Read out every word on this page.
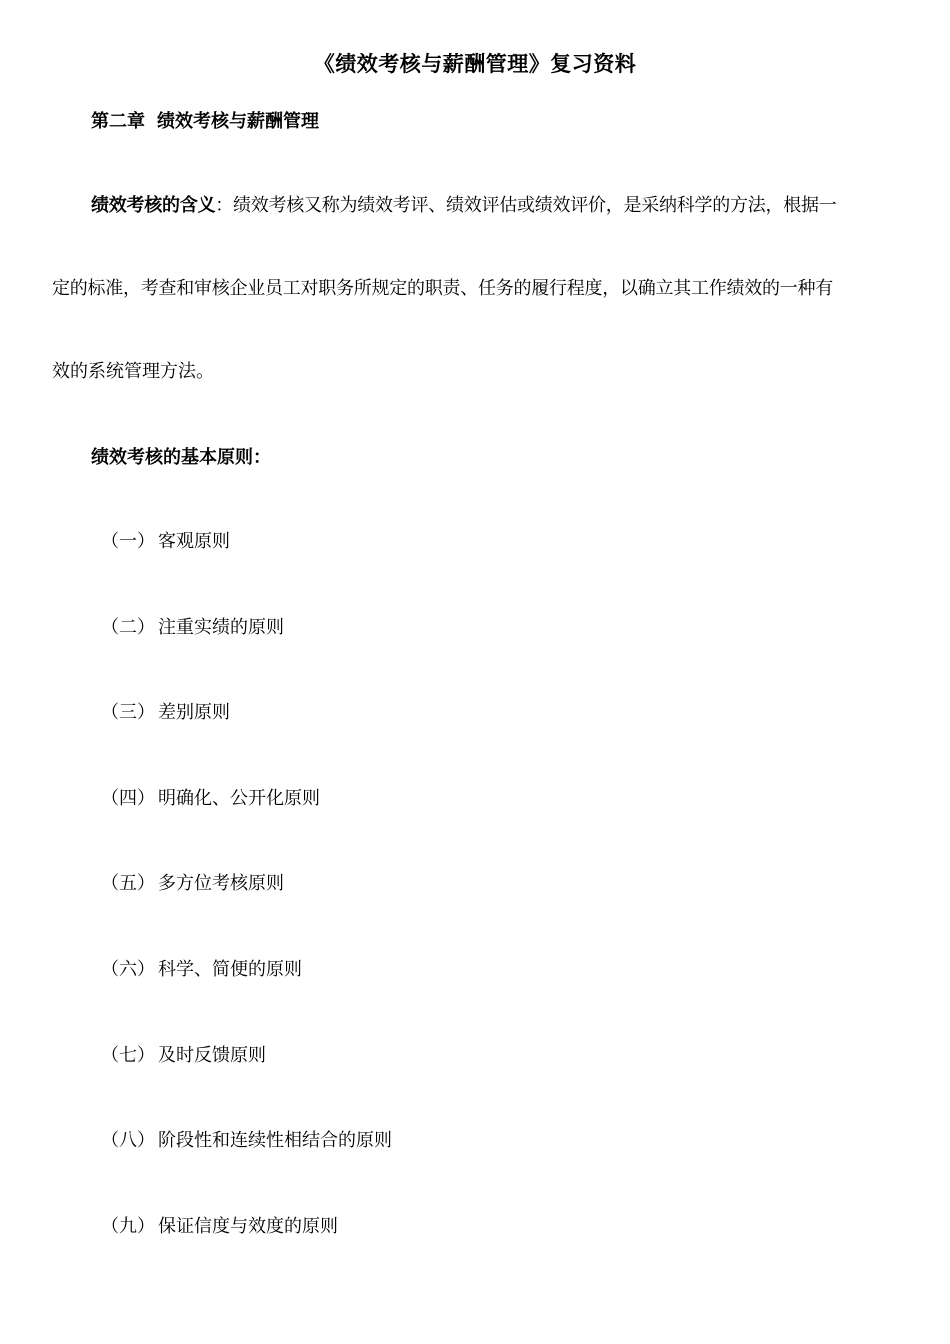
《绩效考核与薪酬管理》复习资料
第二章 绩效考核与薪酬管理
绩效考核的含义：绩效考核又称为绩效考评、绩效评估或绩效评价，是采纳科学的方法，根据一
定的标准，考查和审核企业员工对职务所规定的职责、任务的履行程度，以确立其工作绩效的一种有
效的系统管理方法。
绩效考核的基本原则：
（一） 客观原则
（二） 注重实绩的原则
（三） 差别原则
（四） 明确化、公开化原则
（五） 多方位考核原则
（六） 科学、简便的原则
（七） 及时反馈原则
（八） 阶段性和连续性相结合的原则
（九） 保证信度与效度的原则
